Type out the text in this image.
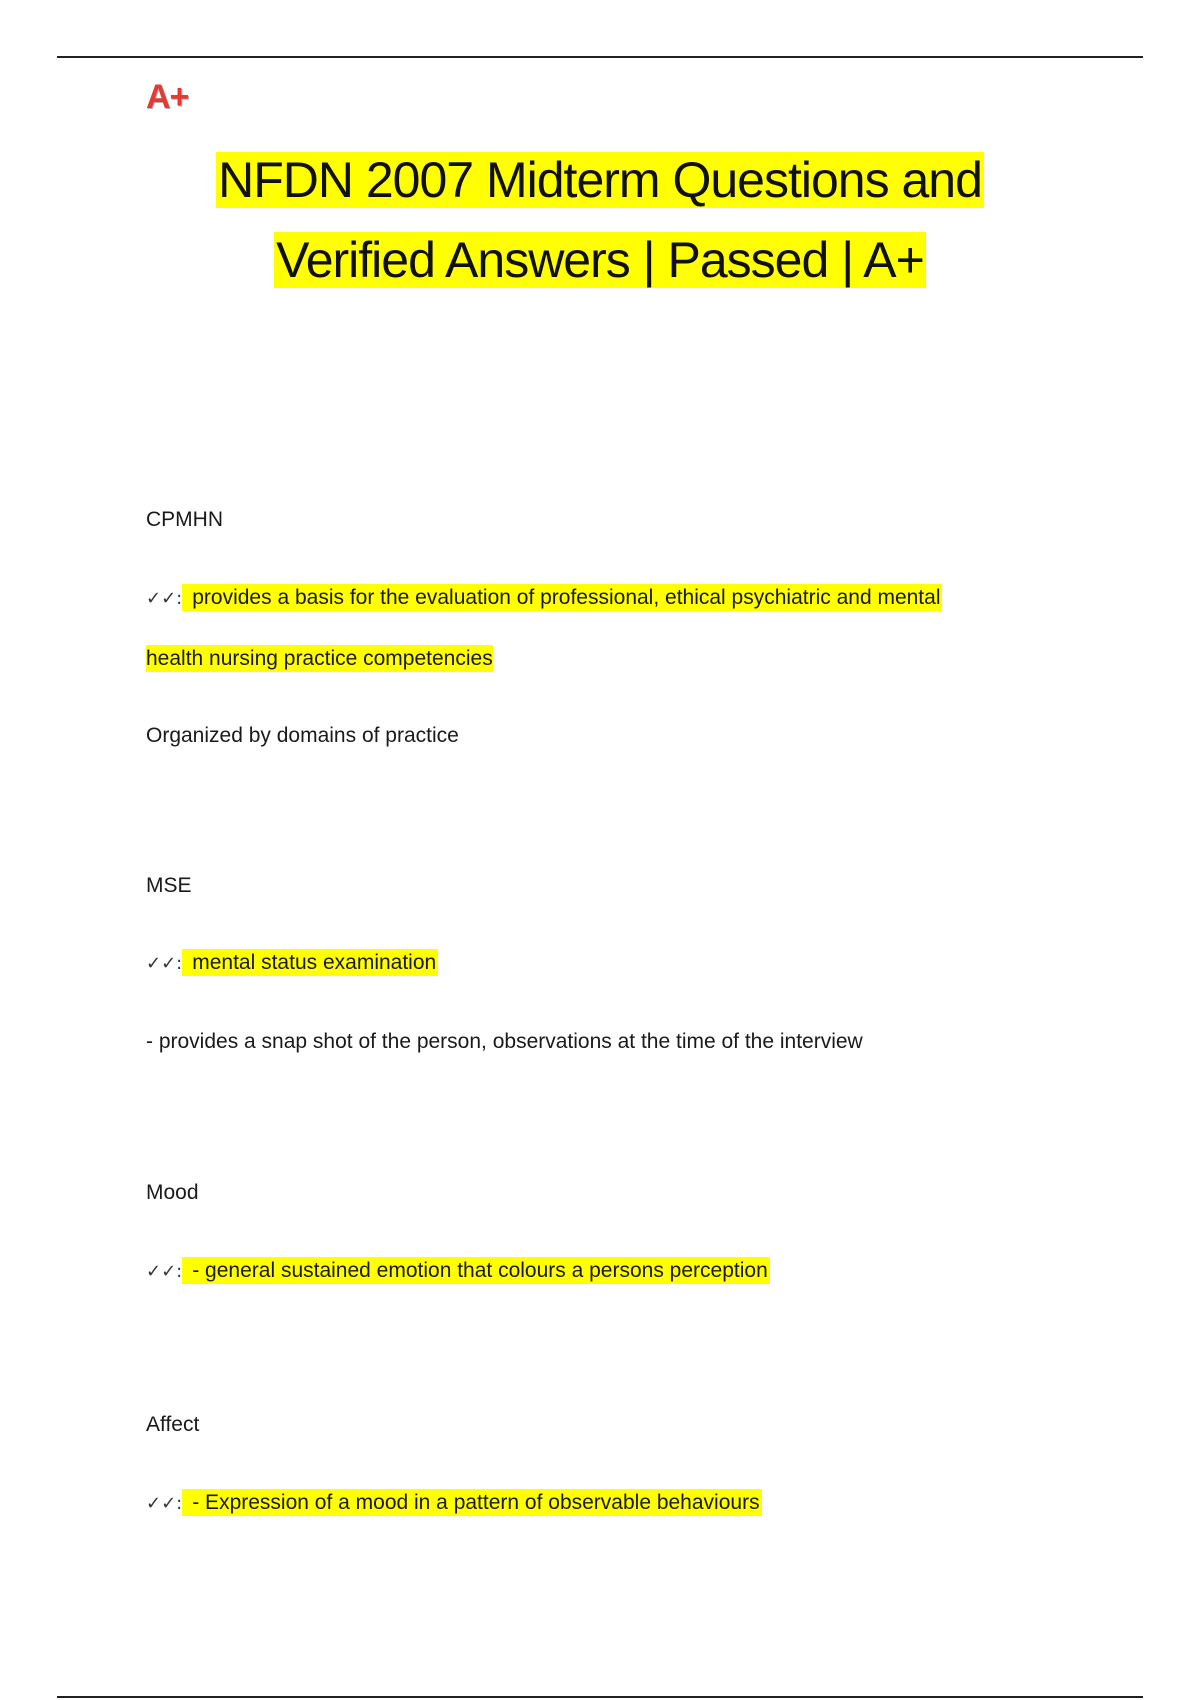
A+
NFDN 2007 Midterm Questions and
Verified Answers | Passed | A+
CPMHN
✓✓: provides a basis for the evaluation of professional, ethical psychiatric and mental
health nursing practice competencies
Organized by domains of practice
MSE
✓✓: mental status examination
- provides a snap shot of the person, observations at the time of the interview
Mood
✓✓: - general sustained emotion that colours a persons perception
Affect
✓✓: - Expression of a mood in a pattern of observable behaviours
